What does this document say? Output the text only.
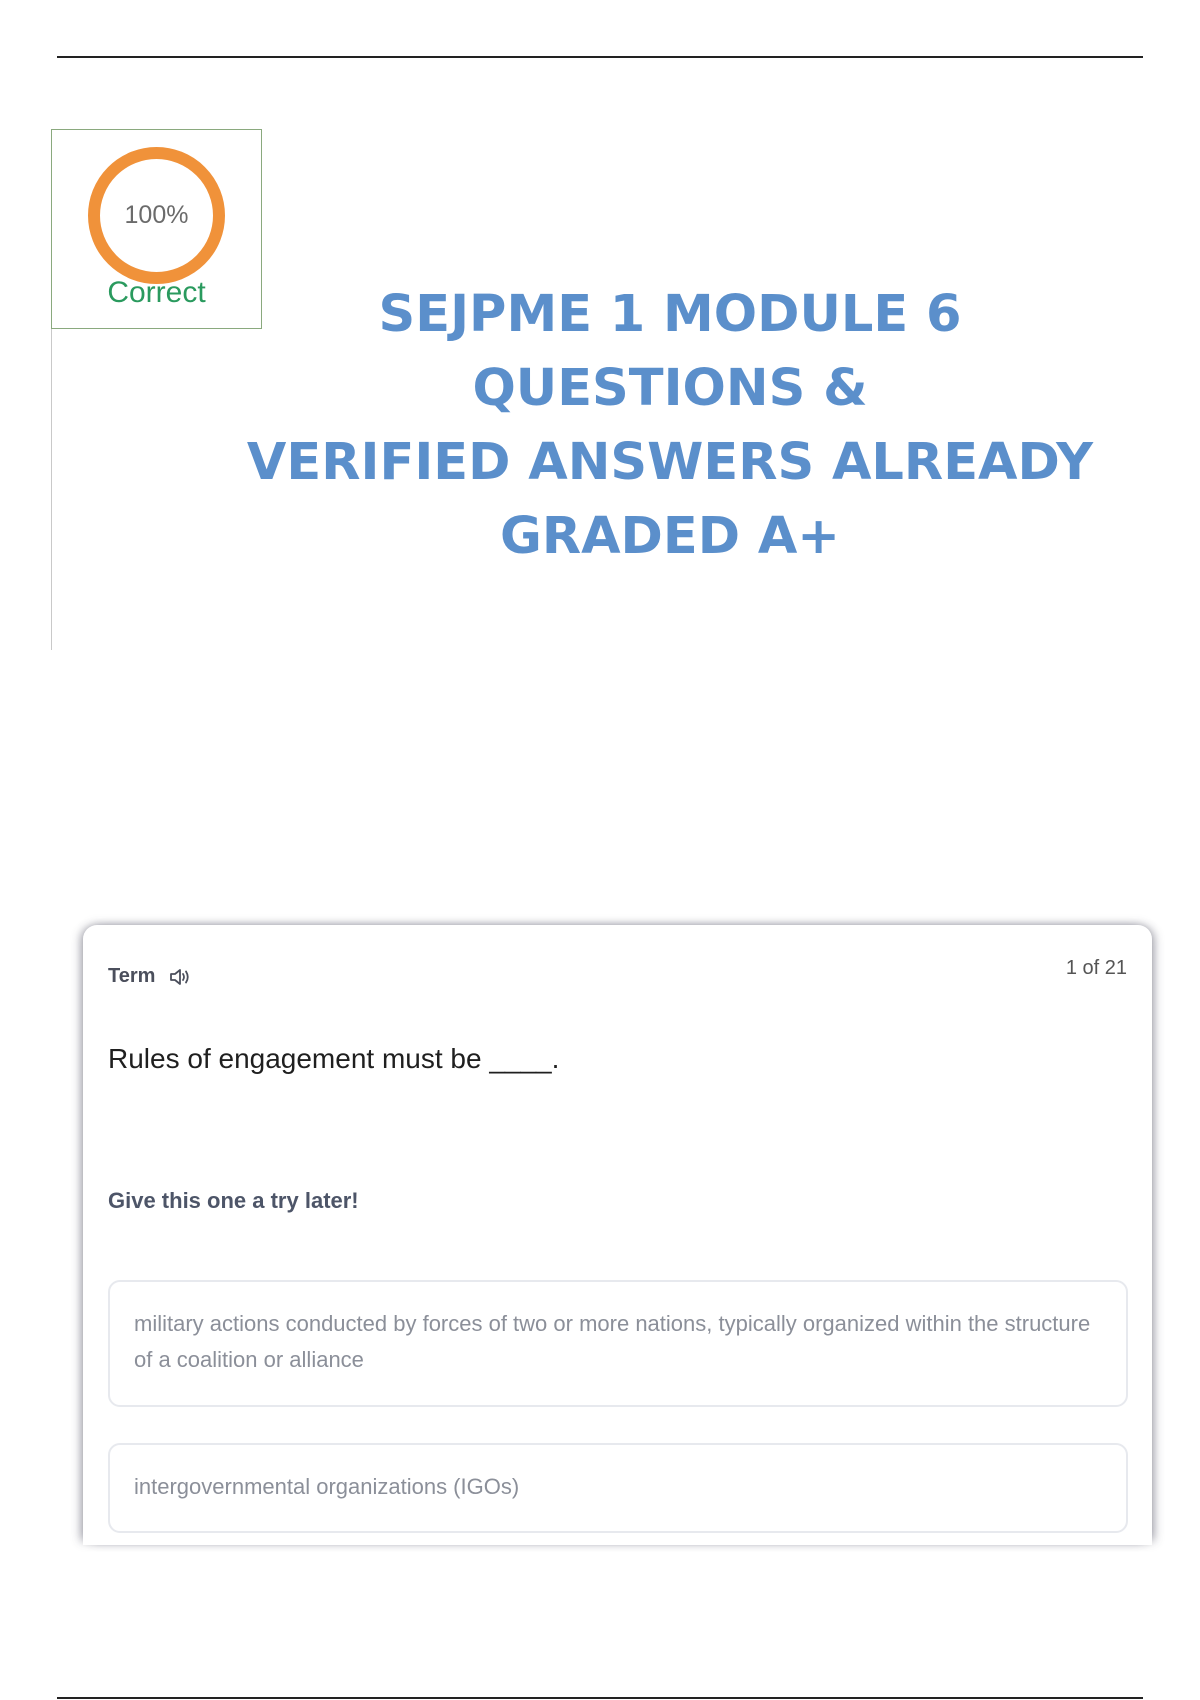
100%
Correct	SEJPME 1 MODULE 6
QUESTIONS &
VERIFIED ANSWERS ALREADY
GRADED A+
Term	1 of 21
Rules of engagement must be ____.
Give this one a try later!
military actions conducted by forces of two or more nations, typically organized within the structure of a coalition or alliance
intergovernmental organizations (IGOs)
